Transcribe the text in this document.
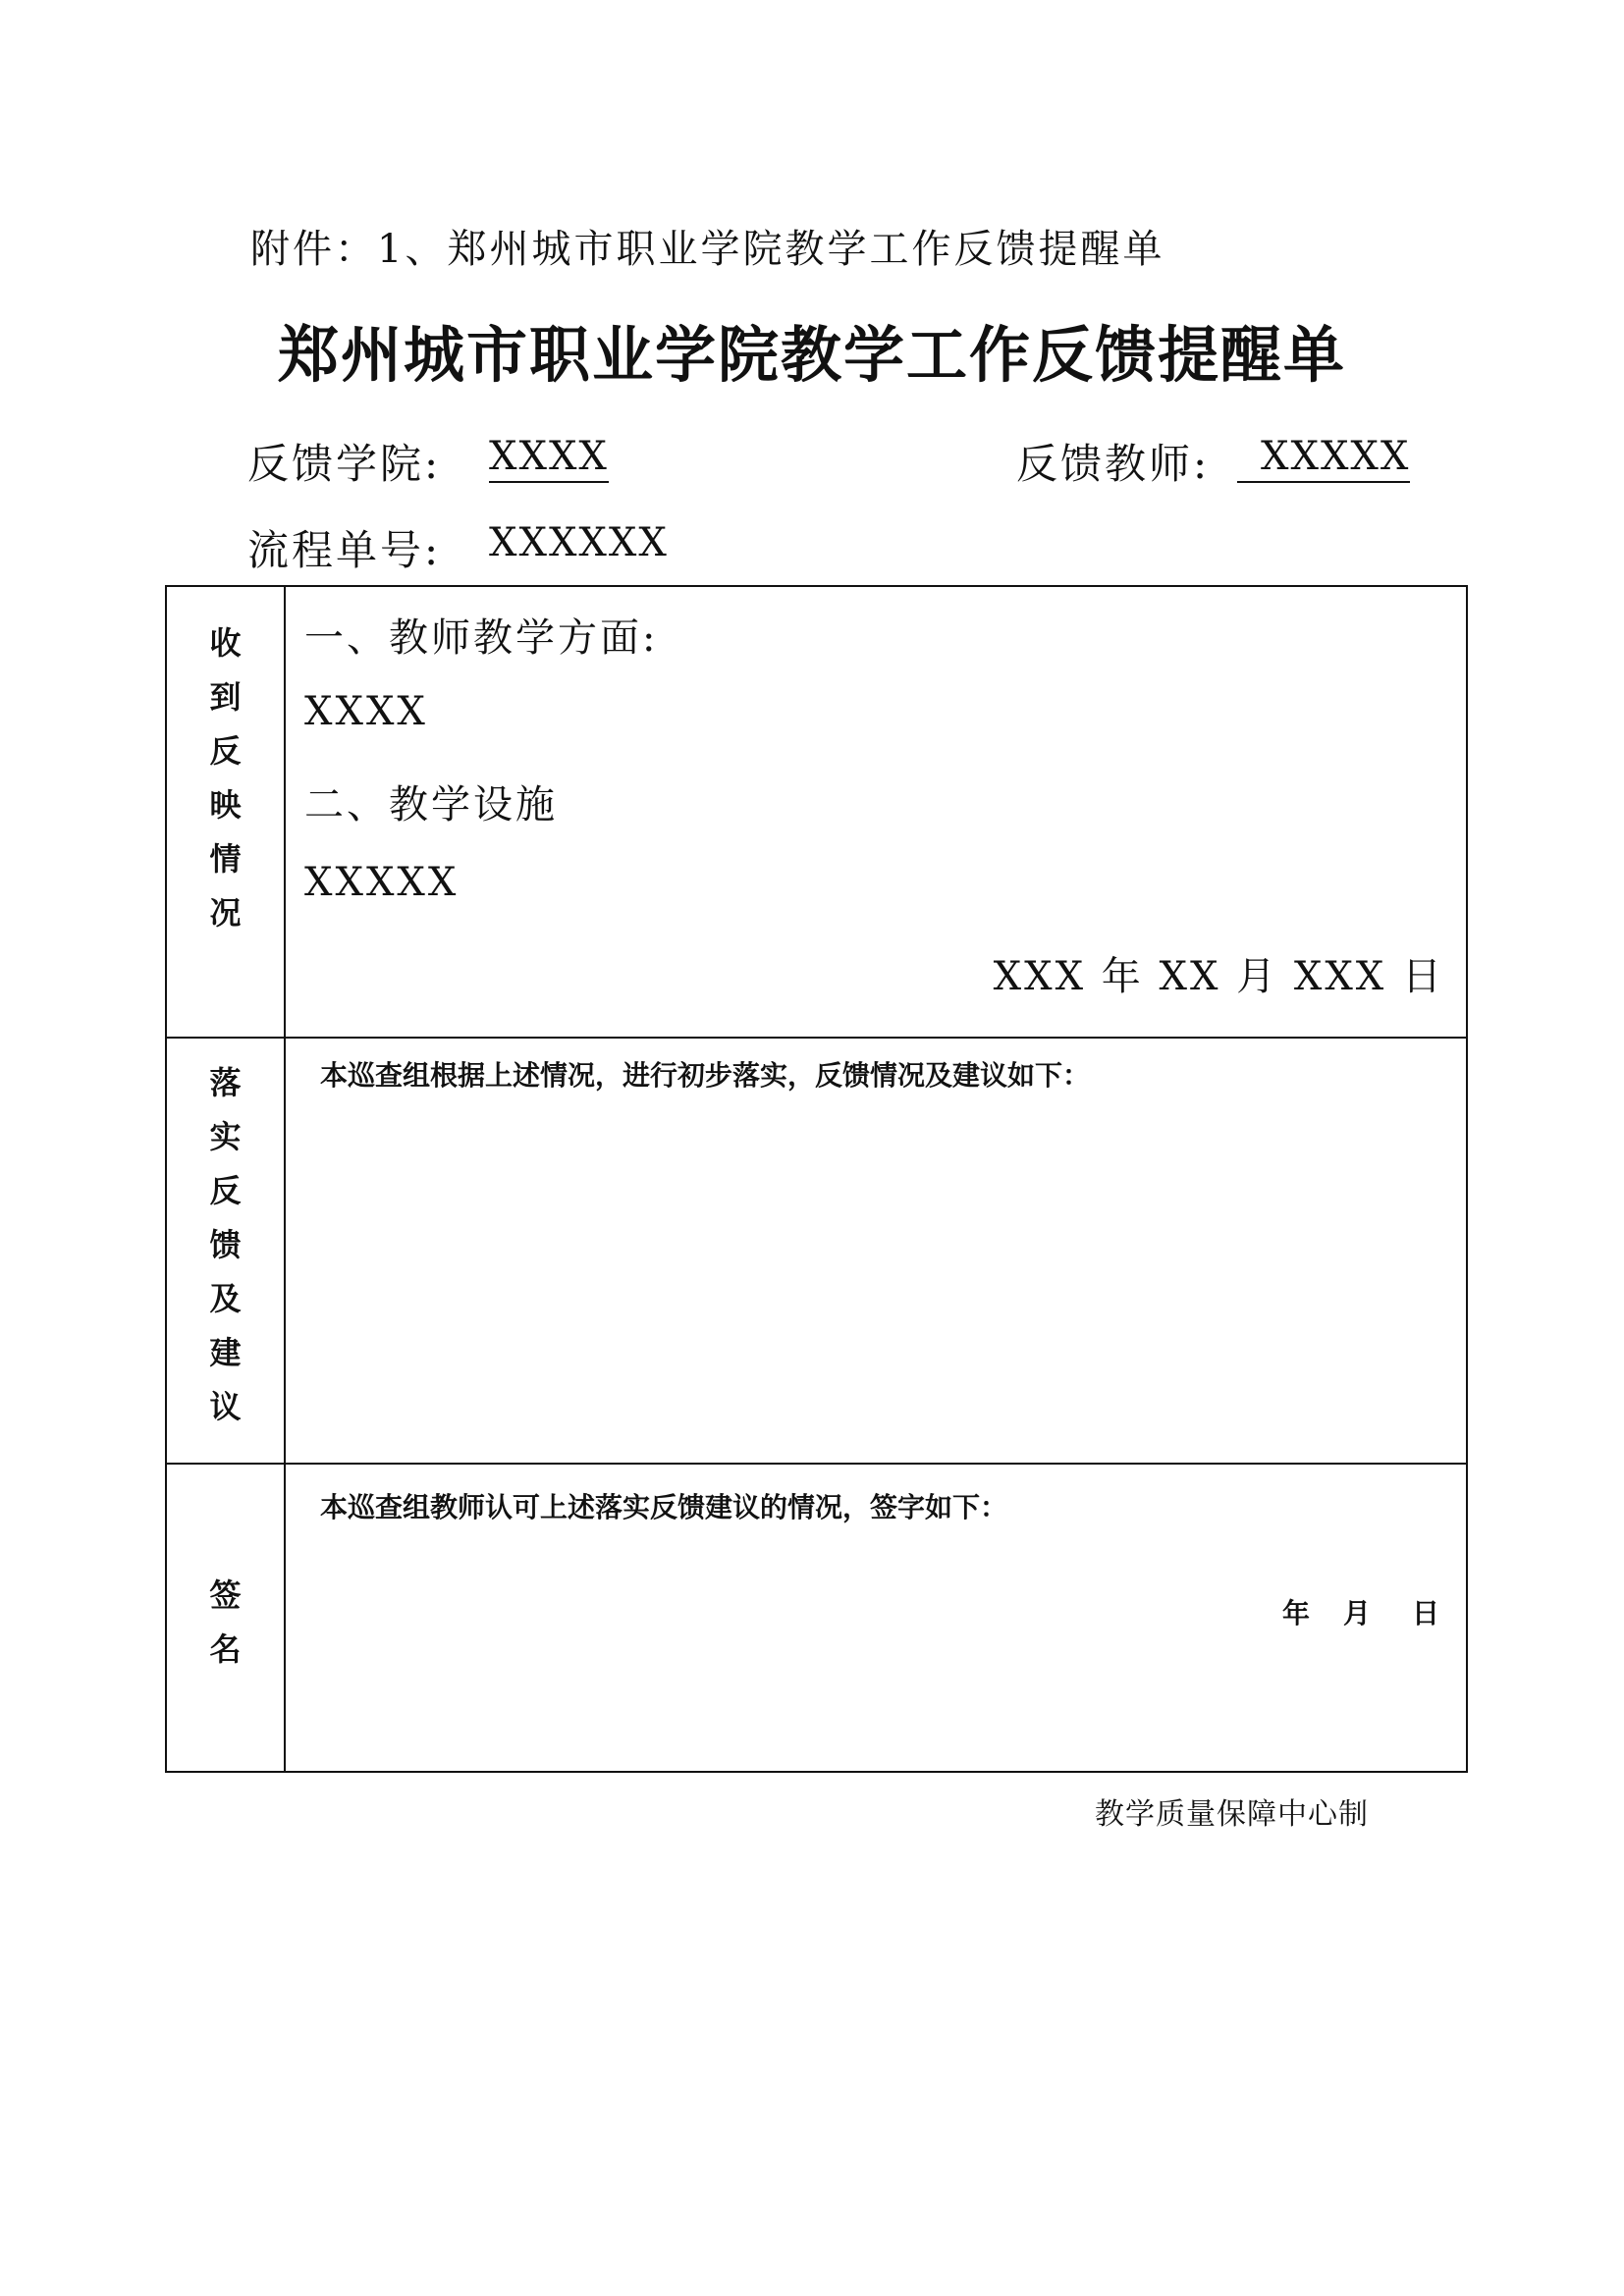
附件：1、郑州城市职业学院教学工作反馈提醒单
郑州城市职业学院教学工作反馈提醒单
反馈学院: XXXX	反馈教师:	XXXXX
流程单号: XXXXXX
收
到
反
映
情
况
一、教师教学方面:
XXXX
二、教学设施
XXXXX
XXX 年 XX 月 XXX 日
落
实
反
馈
及
建
议
本巡查组根据上述情况，进行初步落实，反馈情况及建议如下：
签
名
本巡查组教师认可上述落实反馈建议的情况，签字如下：
年 月 日
教学质量保障中心制
